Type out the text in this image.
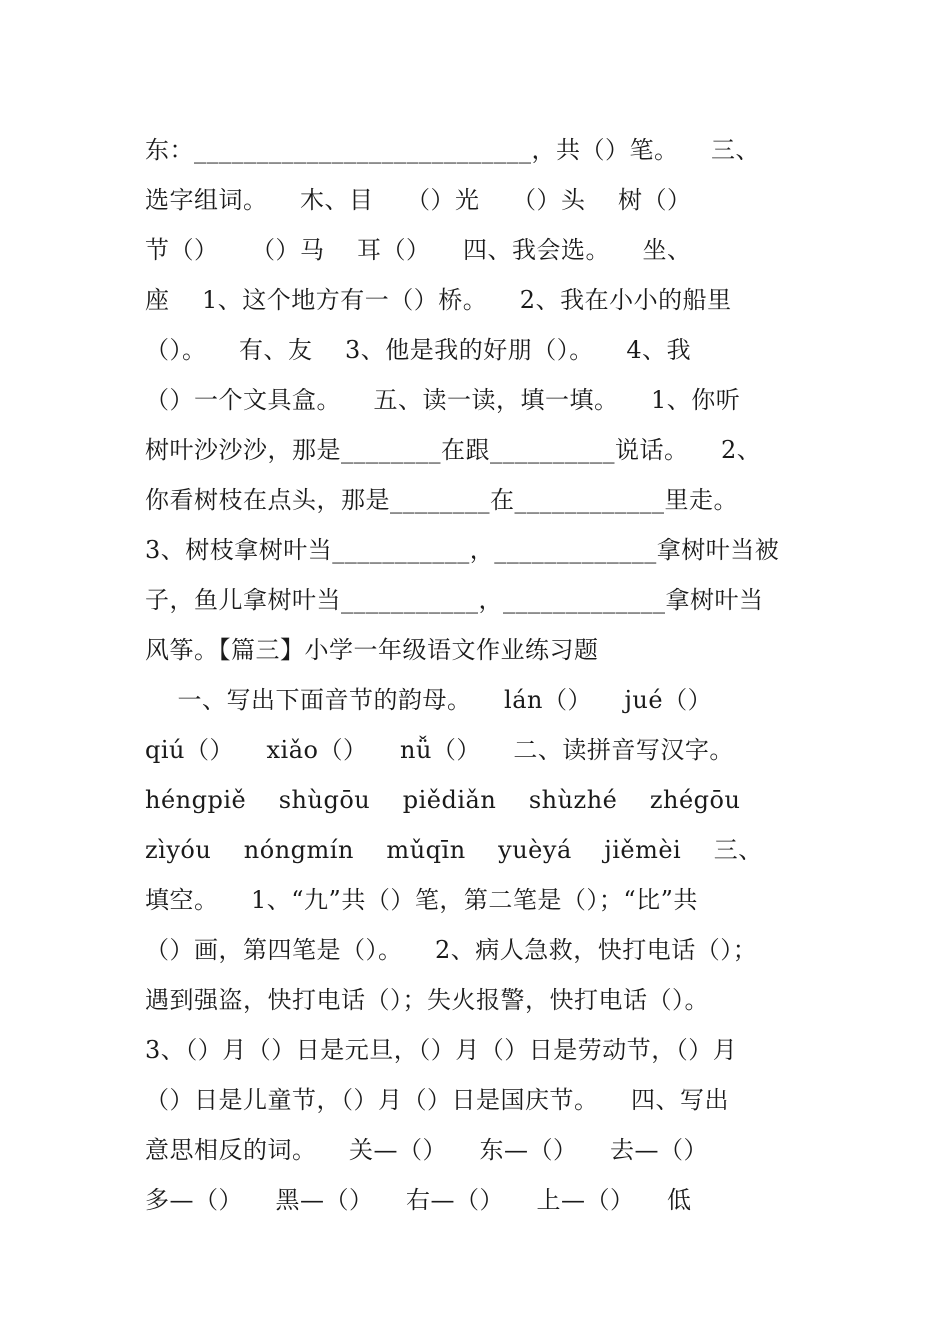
东：___________________________，共（）笔。    三、
选字组词。    木、目    （）光    （）头    树（）
节（）    （）马    耳（）    四、我会选。    坐、
座    1、这个地方有一（）桥。    2、我在小小的船里
（）。    有、友    3、他是我的好朋（）。    4、我
（）一个文具盒。    五、读一读，填一填。    1、你听
树叶沙沙沙，那是________在跟__________说话。    2、
你看树枝在点头，那是________在____________里走。
3、树枝拿树叶当___________，_____________拿树叶当被
子，鱼儿拿树叶当___________，_____________拿树叶当
风筝。【篇三】小学一年级语文作业练习题
一、写出下面音节的韵母。    lán（）    jué（）
qiú（）    xiǎo（）    nǚ（）    二、读拼音写汉字。
héngpiě    shùgōu    piědiǎn    shùzhé    zhégōu
zìyóu    nóngmín    mǔqīn    yuèyá    jiěmèi    三、
填空。    1、“九”共（）笔，第二笔是（）；“比”共
（）画，第四笔是（）。    2、病人急救，快打电话（）；
遇到强盗，快打电话（）；失火报警，快打电话（）。
3、（）月（）日是元旦，（）月（）日是劳动节，（）月
（）日是儿童节，（）月（）日是国庆节。    四、写出
意思相反的词。    关—（）    东—（）    去—（）
多—（）    黑—（）    右—（）    上—（）    低
